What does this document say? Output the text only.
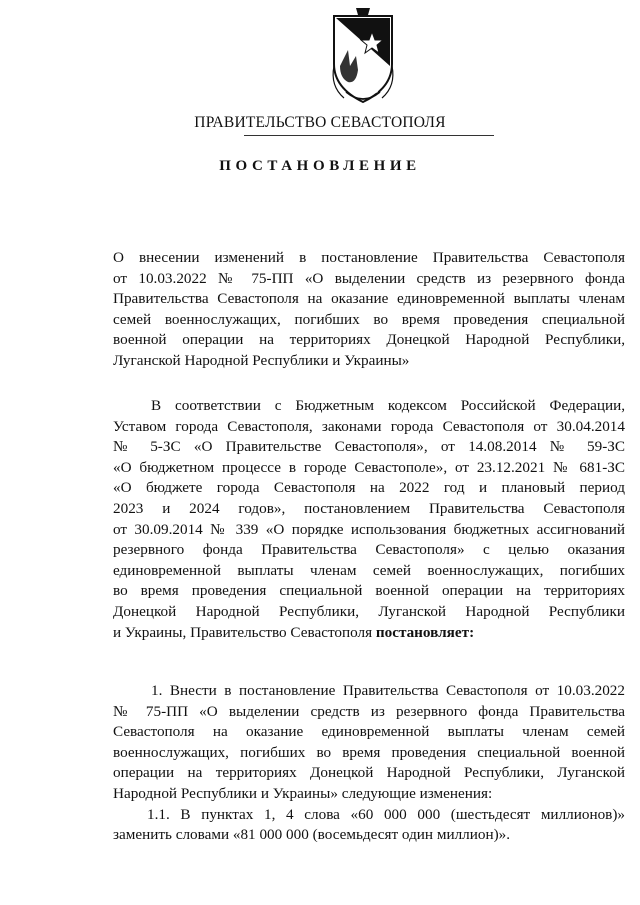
ПРАВИТЕЛЬСТВО СЕВАСТОПОЛЯ
ПОСТАНОВЛЕНИЕ
О внесении изменений в постановление Правительства Севастополя
от 10.03.2022 № 75-ПП «О выделении средств из резервного фонда
Правительства Севастополя на оказание единовременной выплаты членам
семей военнослужащих, погибших во время проведения специальной
военной операции на территориях Донецкой Народной Республики,
Луганской Народной Республики и Украины»
В соответствии с Бюджетным кодексом Российской Федерации,
Уставом города Севастополя, законами города Севастополя от 30.04.2014
№ 5-ЗС «О Правительстве Севастополя», от 14.08.2014 № 59-ЗС
«О бюджетном процессе в городе Севастополе», от 23.12.2021 № 681-ЗС
«О бюджете города Севастополя на 2022 год и плановый период
2023 и 2024 годов», постановлением Правительства Севастополя
от 30.09.2014 № 339 «О порядке использования бюджетных ассигнований
резервного фонда Правительства Севастополя» с целью оказания
единовременной выплаты членам семей военнослужащих, погибших
во время проведения специальной военной операции на территориях
Донецкой Народной Республики, Луганской Народной Республики
и Украины, Правительство Севастополя постановляет:
1. Внести в постановление Правительства Севастополя от 10.03.2022
№ 75-ПП «О выделении средств из резервного фонда Правительства
Севастополя на оказание единовременной выплаты членам семей
военнослужащих, погибших во время проведения специальной военной
операции на территориях Донецкой Народной Республики, Луганской
Народной Республики и Украины» следующие изменения:
1.1. В пунктах 1, 4 слова «60 000 000 (шестьдесят миллионов)»
заменить словами «81 000 000 (восемьдесят один миллион)».
